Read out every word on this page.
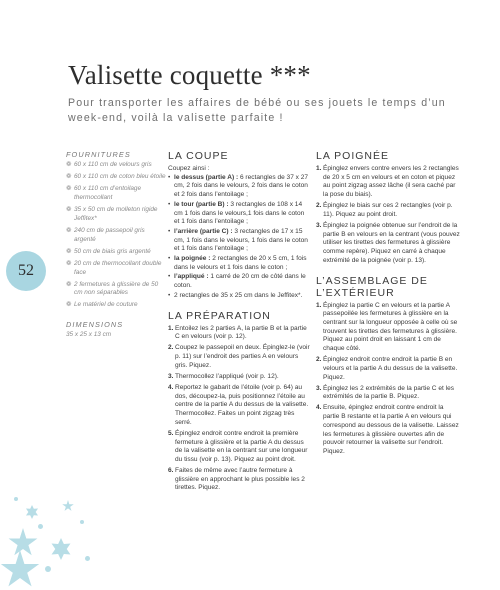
Valisette coquette ***
Pour transporter les affaires de bébé ou ses jouets le temps d’un week-end, voilà la valisette parfaite !
52
FOURNITURES
❁ 60 x 110 cm de velours gris
❁ 60 x 110 cm de coton bleu étoile
❁ 60 x 110 cm d’entoilage thermocollant
❁ 35 x 50 cm de molleton rigide Jeffitex*
❁ 240 cm de passepoil gris argenté
❁ 50 cm de biais gris argenté
❁ 20 cm de thermocollant double face
❁ 2 fermetures à glissière de 50 cm non séparables
❁ Le matériel de couture
DIMENSIONS
35 x 25 x 13 cm
LA COUPE

Coupez ainsi :

• le dessus (partie A) : 6 rectangles de 37 x 27 cm, 2 fois dans le velours, 2 fois dans le coton et 2 fois dans l’entoilage ;
• le tour (partie B) : 3 rectangles de 108 x 14 cm 1 fois dans le velours,1 fois dans le coton et 1 fois dans l’entoilage ;
• l’arrière (partie C) : 3 rectangles de 17 x 15 cm, 1 fois dans le velours, 1 fois dans le coton et 1 fois dans l’entoilage ;
• la poignée : 2 rectangles de 20 x 5 cm, 1 fois dans le velours et 1 fois dans le coton ;
• l’appliqué : 1 carré de 20 cm de côté dans le coton.
• 2 rectangles de 35 x 25 cm dans le Jeffitex*.
LA PRÉPARATION
1. Entoilez les 2 parties A, la partie B et la partie C en velours (voir p. 12).
2. Coupez le passepoil en deux. Épinglez-le (voir p. 11) sur l’endroit des parties A en velours gris. Piquez.
3. Thermocollez l’appliqué (voir p. 12).
4. Reportez le gabarit de l’étoile (voir p. 64) au dos, découpez-la, puis positionnez l’étoile au centre de la partie A du dessus de la valisette. Thermocollez. Faites un point zigzag très serré.
5. Épinglez endroit contre endroit la première fermeture à glissière et la partie A du dessus de la valisette en la centrant sur une longueur du tissu (voir p. 13). Piquez au point droit.
6. Faites de même avec l’autre fermeture à glissière en approchant le plus possible les 2 tirettes. Piquez.
LA POIGNÉE
1. Épinglez envers contre envers les 2 rectangles de 20 x 5 cm en velours et en coton et piquez au point zigzag assez lâche (il sera caché par la pose du biais).
2. Épinglez le biais sur ces 2 rectangles (voir p. 11). Piquez au point droit.
3. Épinglez la poignée obtenue sur l’endroit de la partie B en velours en la centrant (vous pouvez utiliser les tirettes des fermetures à glissière comme repère). Piquez en carré à chaque extrémité de la poignée (voir p. 13).
L’ASSEMBLAGE DE L’EXTÉRIEUR
1. Épinglez la partie C en velours et la partie A passepoilée les fermetures à glissière en la centrant sur la longueur opposée à celle où se trouvent les tirettes des fermetures à glissière. Piquez au point droit en laissant 1 cm de chaque côté.
2. Épinglez endroit contre endroit la partie B en velours et la partie A du dessus de la valisette. Piquez.
3. Épinglez les 2 extrémités de la partie C et les extrémités de la partie B. Piquez.
4. Ensuite, épinglez endroit contre endroit la partie B restante et la partie A en velours qui correspond au dessous de la valisette. Laissez les fermetures à glissière ouvertes afin de pouvoir retourner la valisette sur l’endroit. Piquez.
